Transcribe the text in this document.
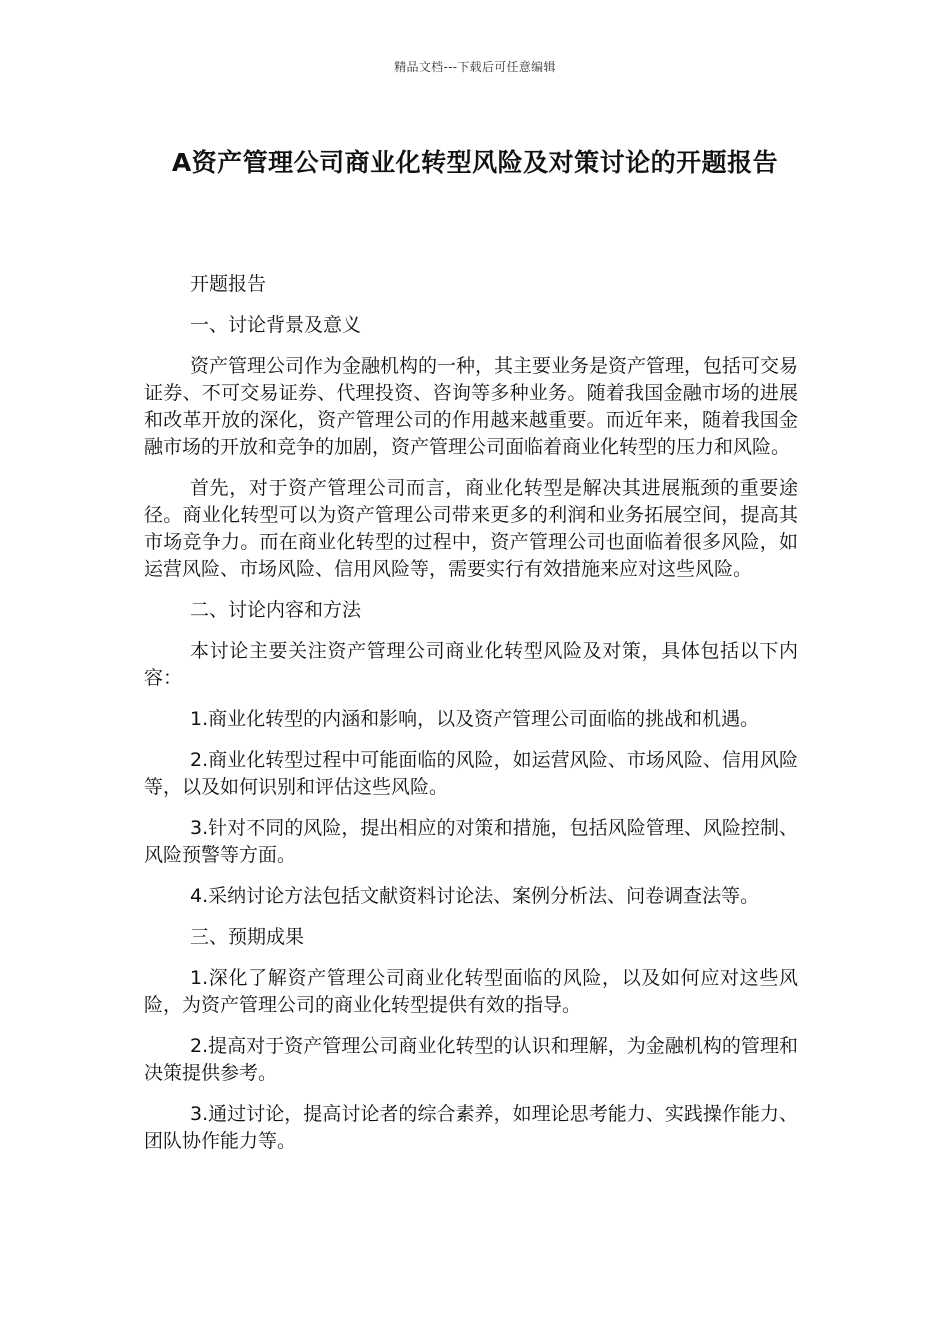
精品文档---下载后可任意编辑
A资产管理公司商业化转型风险及对策讨论的开题报告

开题报告

一、讨论背景及意义

资产管理公司作为金融机构的一种，其主要业务是资产管理，包括可交易证券、不可交易证券、代理投资、咨询等多种业务。随着我国金融市场的进展和改革开放的深化，资产管理公司的作用越来越重要。而近年来，随着我国金融市场的开放和竞争的加剧，资产管理公司面临着商业化转型的压力和风险。

首先，对于资产管理公司而言，商业化转型是解决其进展瓶颈的重要途径。商业化转型可以为资产管理公司带来更多的利润和业务拓展空间，提高其市场竞争力。而在商业化转型的过程中，资产管理公司也面临着很多风险，如运营风险、市场风险、信用风险等，需要实行有效措施来应对这些风险。

二、讨论内容和方法

本讨论主要关注资产管理公司商业化转型风险及对策，具体包括以下内容：

1.商业化转型的内涵和影响，以及资产管理公司面临的挑战和机遇。

2.商业化转型过程中可能面临的风险，如运营风险、市场风险、信用风险等，以及如何识别和评估这些风险。

3.针对不同的风险，提出相应的对策和措施，包括风险管理、风险控制、风险预警等方面。

4.采纳讨论方法包括文献资料讨论法、案例分析法、问卷调查法等。

三、预期成果

1.深化了解资产管理公司商业化转型面临的风险，以及如何应对这些风险，为资产管理公司的商业化转型提供有效的指导。

2.提高对于资产管理公司商业化转型的认识和理解，为金融机构的管理和决策提供参考。

3.通过讨论，提高讨论者的综合素养，如理论思考能力、实践操作能力、团队协作能力等。
